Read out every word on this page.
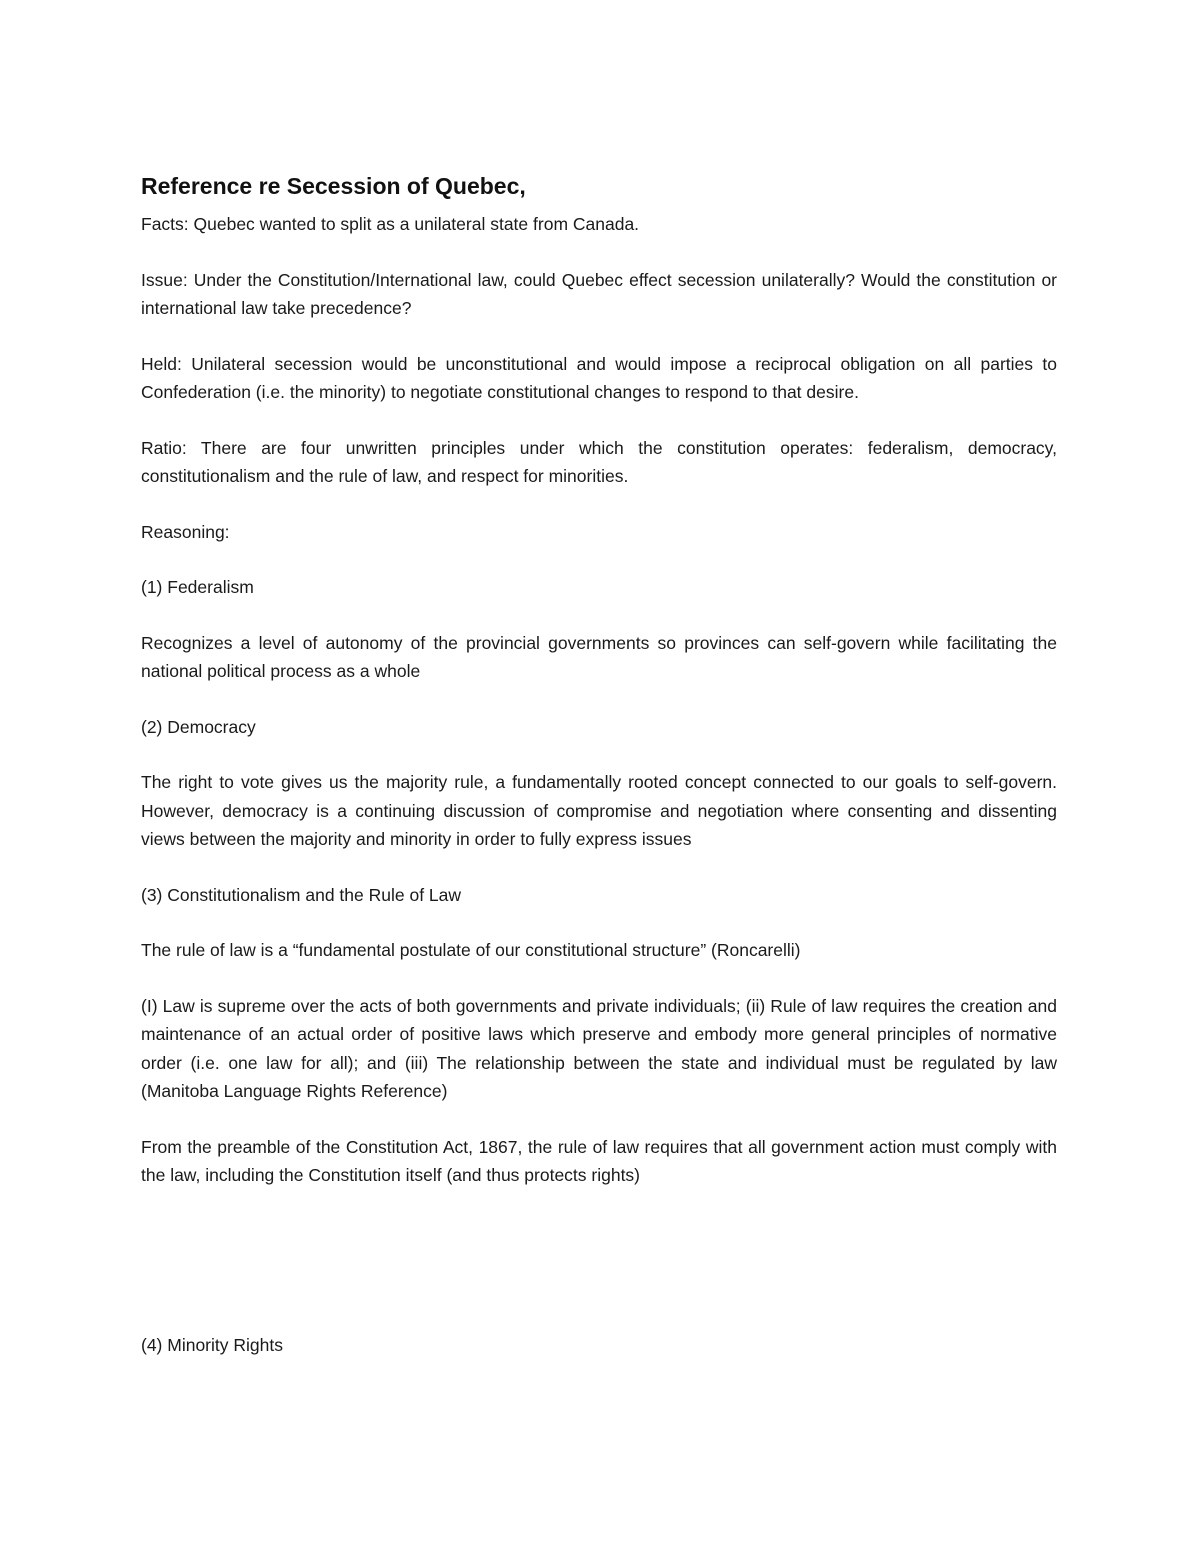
Reference re Secession of Quebec,

Facts: Quebec wanted to split as a unilateral state from Canada.

Issue: Under the Constitution/International law, could Quebec effect secession unilaterally? Would the constitution or international law take precedence?

Held: Unilateral secession would be unconstitutional and would impose a reciprocal obligation on all parties to Confederation (i.e. the minority) to negotiate constitutional changes to respond to that desire.

Ratio: There are four unwritten principles under which the constitution operates: federalism, democracy, constitutionalism and the rule of law, and respect for minorities.

Reasoning:

(1) Federalism

Recognizes a level of autonomy of the provincial governments so provinces can self-govern while facilitating the national political process as a whole

(2) Democracy

The right to vote gives us the majority rule, a fundamentally rooted concept connected to our goals to self-govern. However, democracy is a continuing discussion of compromise and negotiation where consenting and dissenting views between the majority and minority in order to fully express issues

(3) Constitutionalism and the Rule of Law

The rule of law is a “fundamental postulate of our constitutional structure” (Roncarelli)

(I) Law is supreme over the acts of both governments and private individuals; (ii) Rule of law requires the creation and maintenance of an actual order of positive laws which preserve and embody more general principles of normative order (i.e. one law for all); and (iii) The relationship between the state and individual must be regulated by law (Manitoba Language Rights Reference)

From the preamble of the Constitution Act, 1867, the rule of law requires that all government action must comply with the law, including the Constitution itself (and thus protects rights)

(4) Minority Rights
